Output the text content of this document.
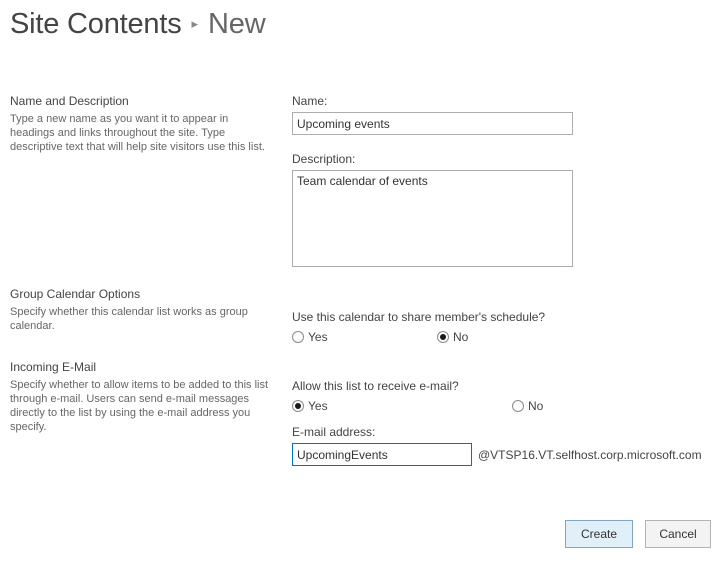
Site Contents ▸ New
Name and Description
Type a new name as you want it to appear in headings and links throughout the site. Type descriptive text that will help site visitors use this list.
Name:
Upcoming events
Description:
Team calendar of events
Group Calendar Options
Specify whether this calendar list works as group calendar.
Use this calendar to share member's schedule?
Yes	No
Incoming E-Mail
Specify whether to allow items to be added to this list through e-mail. Users can send e-mail messages directly to the list by using the e-mail address you specify.
Allow this list to receive e-mail?
Yes	No
E-mail address:
UpcomingEvents
@VTSP16.VT.selfhost.corp.microsoft.com
Create	Cancel
